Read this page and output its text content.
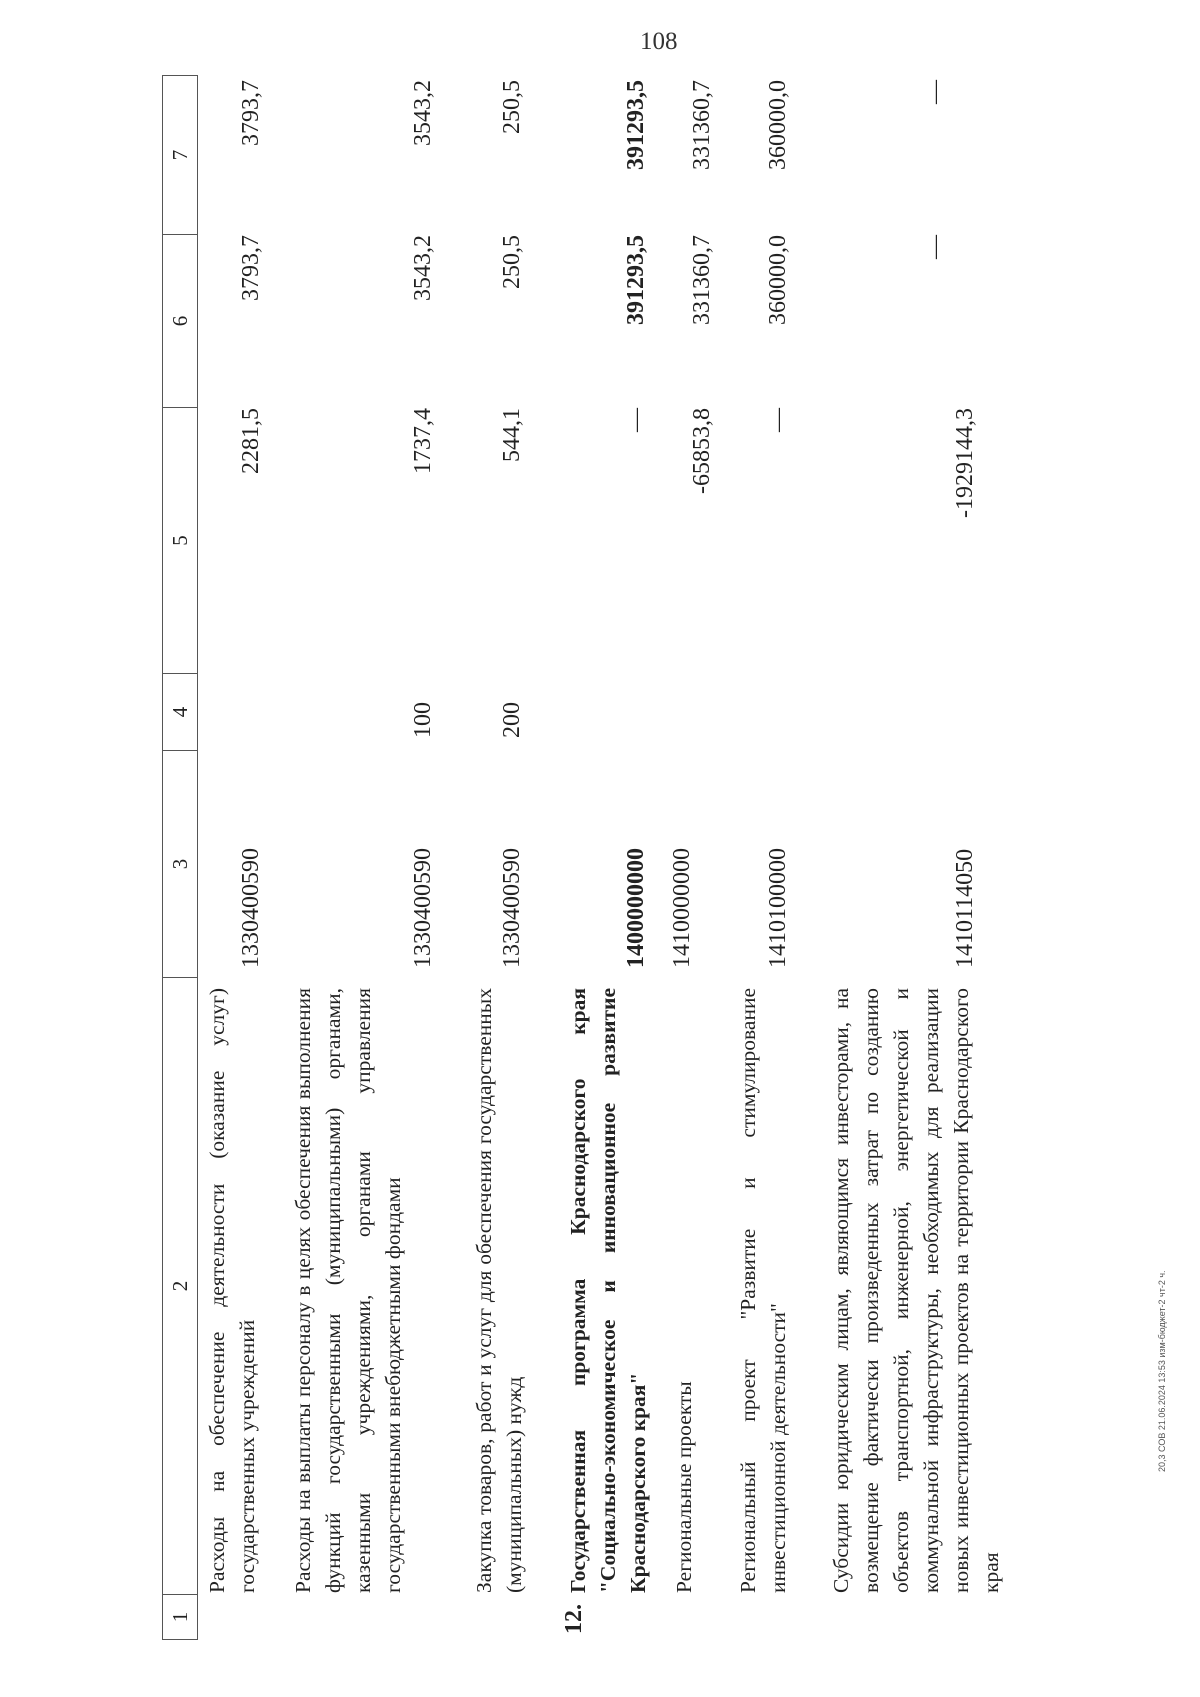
108
1
2
3
4
5
6
7
Расходы на обеспечение деятельности (оказание услуг) государственных учреждений
1330400590
2281,5
3793,7
3793,7
Расходы на выплаты персоналу в целях обеспечения выполнения функций государственными (муниципальными) органами, казенными учреждениями, органами управления государственными внебюджетными фондами
1330400590
100
1737,4
3543,2
3543,2
Закупка товаров, работ и услуг для обеспечения государственных (муниципальных) нужд
1330400590
200
544,1
250,5
250,5
12.
Государственная программа Краснодарского края "Социально-экономическое и инновационное развитие Краснодарского края"
1400000000
—
391293,5
391293,5
Региональные проекты
1410000000
-65853,8
331360,7
331360,7
Региональный проект "Развитие и стимулирование инвестиционной деятельности"
1410100000
—
360000,0
360000,0
Субсидии юридическим лицам, являющимся инвесторами, на возмещение фактически произведенных затрат по созданию объектов транспортной, инженерной, энергетической и коммунальной инфраструктуры, необходимых для реализации новых инвестиционных проектов на территории Краснодарского края
1410114050
-1929144,3
—
—
20,3 СОВ 21.06.2024 13:53 изм-бюджет-2 чт-2 ч.
